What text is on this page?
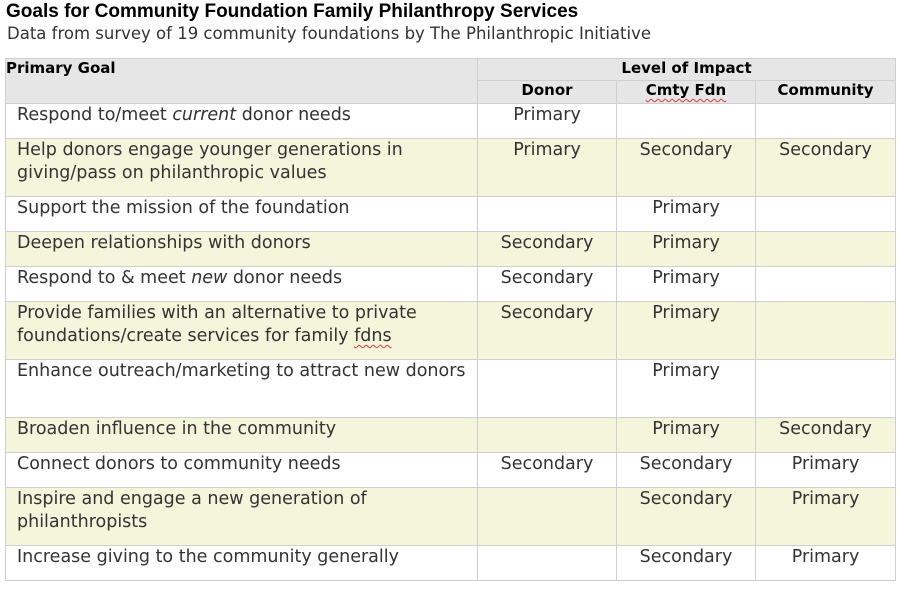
Goals for Community Foundation Family Philanthropy Services
Data from survey of 19 community foundations by The Philanthropic Initiative
Primary Goal	Level of Impact		
	Donor	Cmty Fdn	Community
Respond to/meet current donor needs	Primary		
Help donors engage younger generations in giving/pass on philanthropic values	Primary	Secondary	Secondary
Support the mission of the foundation		Primary	
Deepen relationships with donors	Secondary	Primary	
Respond to & meet new donor needs	Secondary	Primary	
Provide families with an alternative to private foundations/create services for family fdns	Secondary	Primary	
Enhance outreach/marketing to attract new donors		Primary	
Broaden influence in the community		Primary	Secondary
Connect donors to community needs	Secondary	Secondary	Primary
Inspire and engage a new generation of philanthropists		Secondary	Primary
Increase giving to the community generally		Secondary	Primary
